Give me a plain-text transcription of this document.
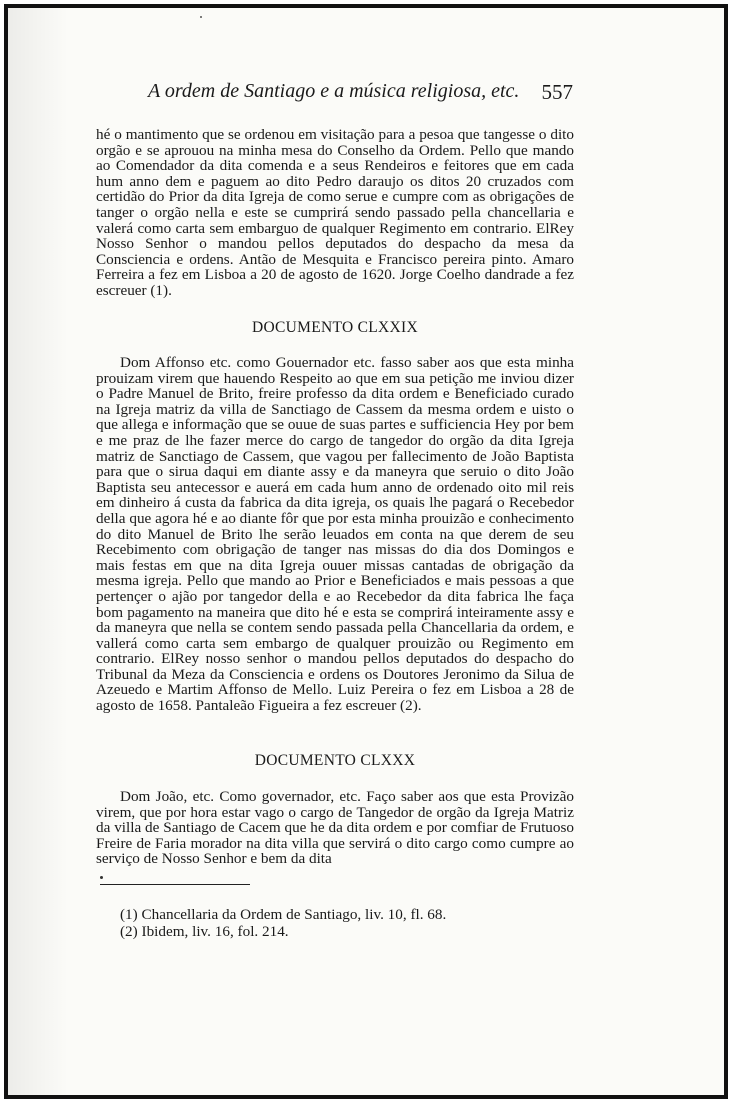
A ordem de Santiago e a música religiosa, etc. 557

hé o mantimento que se ordenou em visitação para a pesoa que tangesse o dito orgão e se aprouou na minha mesa do Conselho da Ordem. Pello que mando ao Comendador da dita comenda e a seus Rendeiros e feitores que em cada hum anno dem e paguem ao dito Pedro daraujo os ditos 20 cruzados com certidão do Prior da dita Igreja de como serue e cumpre com as obrigações de tanger o orgão nella e este se cumprirá sendo passado pella chancellaria e valerá como carta sem embarguo de qualquer Regimento em contrario. ElRey Nosso Senhor o mandou pellos deputados do despacho da mesa da Consciencia e ordens. Antão de Mesquita e Francisco pereira pinto. Amaro Ferreira a fez em Lisboa a 20 de agosto de 1620. Jorge Coelho dandrade a fez escreuer (1).

DOCUMENTO CLXXIX

Dom Affonso etc. como Gouernador etc. fasso saber aos que esta minha prouizam virem que hauendo Respeito ao que em sua petição me inviou dizer o Padre Manuel de Brito, freire professo da dita ordem e Beneficiado curado na Igreja matriz da villa de Sanctiago de Cassem da mesma ordem e uisto o que allega e informação que se ouue de suas partes e sufficiencia Hey por bem e me praz de lhe fazer merce do cargo de tangedor do orgão da dita Igreja matriz de Sanctiago de Cassem, que vagou per fallecimento de João Baptista para que o sirua daqui em diante assy e da maneyra que seruio o dito João Baptista seu antecessor e auerá em cada hum anno de ordenado oito mil reis em dinheiro á custa da fabrica da dita igreja, os quais lhe pagará o Recebedor della que agora hé e ao diante fôr que por esta minha prouizão e conhecimento do dito Manuel de Brito lhe serão leuados em conta na que derem de seu Recebimento com obrigação de tanger nas missas do dia dos Domingos e mais festas em que na dita Igreja ouuer missas cantadas de obrigação da mesma igreja. Pello que mando ao Prior e Beneficiados e mais pessoas a que pertençer o ajão por tangedor della e ao Recebedor da dita fabrica lhe faça bom pagamento na maneira que dito hé e esta se comprirá inteiramente assy e da maneyra que nella se contem sendo passada pella Chancellaria da ordem, e vallerá como carta sem embargo de qualquer prouizão ou Regimento em contrario. ElRey nosso senhor o mandou pellos deputados do despacho do Tribunal da Meza da Consciencia e ordens os Doutores Jeronimo da Silua de Azeuedo e Martim Affonso de Mello. Luiz Pereira o fez em Lisboa a 28 de agosto de 1658. Pantaleão Figueira a fez escreuer (2).

DOCUMENTO CLXXX

Dom João, etc. Como governador, etc. Faço saber aos que esta Provizão virem, que por hora estar vago o cargo de Tangedor de orgão da Igreja Matriz da villa de Santiago de Cacem que he da dita ordem e por comfiar de Frutuoso Freire de Faria morador na dita villa que servirá o dito cargo como cumpre ao serviço de Nosso Senhor e bem da dita

(1) Chancellaria da Ordem de Santiago, liv. 10, fl. 68.
(2) Ibidem, liv. 16, fol. 214.
